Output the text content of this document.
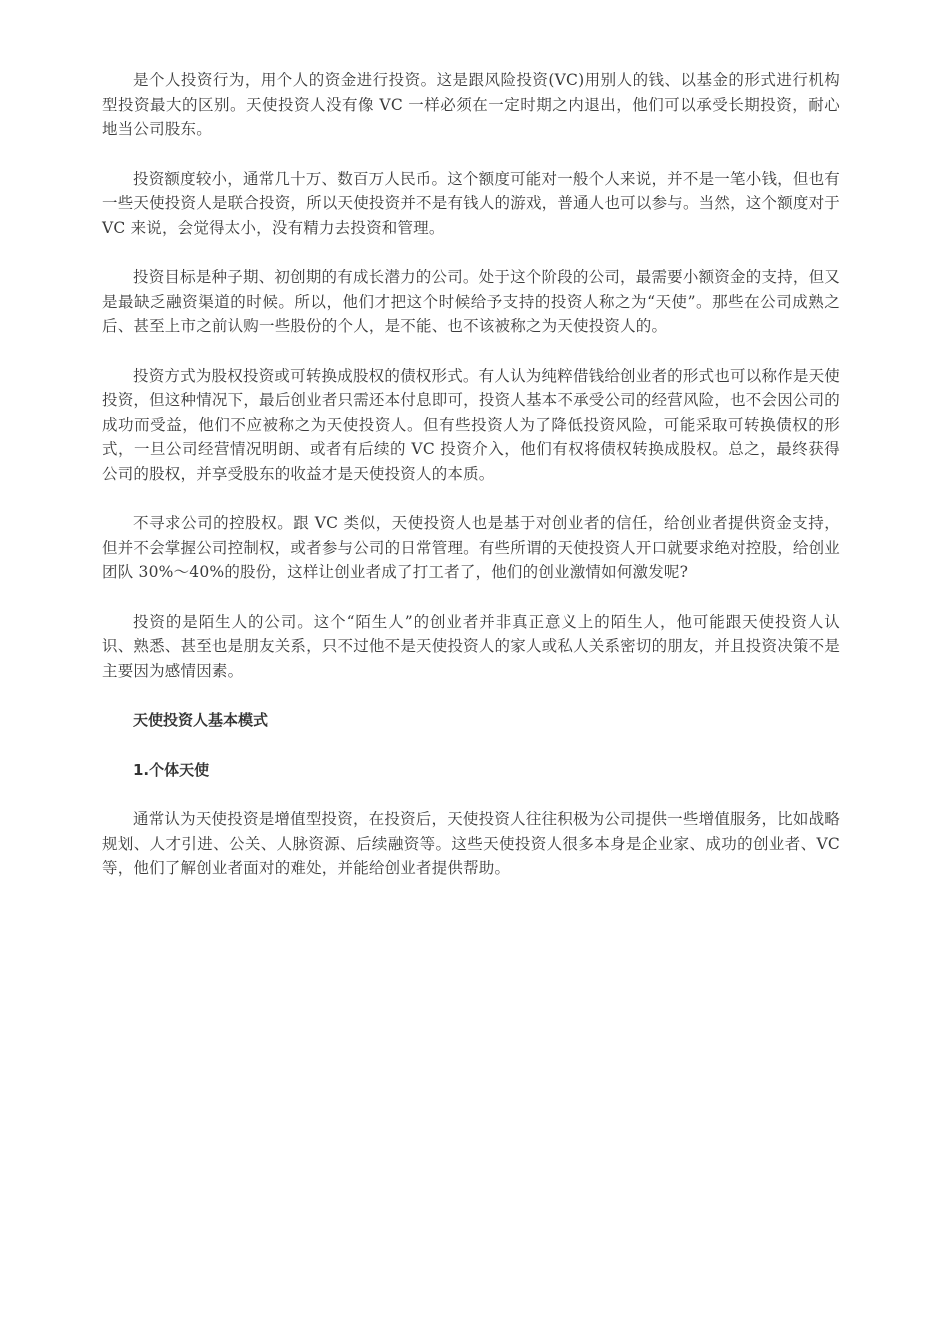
是个人投资行为，用个人的资金进行投资。这是跟风险投资(VC)用别人的钱、以基金的形式进行机构型投资最大的区别。天使投资人没有像 VC 一样必须在一定时期之内退出，他们可以承受长期投资，耐心地当公司股东。

投资额度较小，通常几十万、数百万人民币。这个额度可能对一般个人来说，并不是一笔小钱，但也有一些天使投资人是联合投资，所以天使投资并不是有钱人的游戏，普通人也可以参与。当然，这个额度对于 VC 来说，会觉得太小，没有精力去投资和管理。

投资目标是种子期、初创期的有成长潜力的公司。处于这个阶段的公司，最需要小额资金的支持，但又是最缺乏融资渠道的时候。所以，他们才把这个时候给予支持的投资人称之为“天使”。那些在公司成熟之后、甚至上市之前认购一些股份的个人，是不能、也不该被称之为天使投资人的。

投资方式为股权投资或可转换成股权的债权形式。有人认为纯粹借钱给创业者的形式也可以称作是天使投资，但这种情况下，最后创业者只需还本付息即可，投资人基本不承受公司的经营风险，也不会因公司的成功而受益，他们不应被称之为天使投资人。但有些投资人为了降低投资风险，可能采取可转换债权的形式，一旦公司经营情况明朗、或者有后续的 VC 投资介入，他们有权将债权转换成股权。总之，最终获得公司的股权，并享受股东的收益才是天使投资人的本质。

不寻求公司的控股权。跟 VC 类似，天使投资人也是基于对创业者的信任，给创业者提供资金支持，但并不会掌握公司控制权，或者参与公司的日常管理。有些所谓的天使投资人开口就要求绝对控股，给创业团队 30%～40%的股份，这样让创业者成了打工者了，他们的创业激情如何激发呢?

投资的是陌生人的公司。这个“陌生人”的创业者并非真正意义上的陌生人，他可能跟天使投资人认识、熟悉、甚至也是朋友关系，只不过他不是天使投资人的家人或私人关系密切的朋友，并且投资决策不是主要因为感情因素。

天使投资人基本模式

1.个体天使

通常认为天使投资是增值型投资，在投资后，天使投资人往往积极为公司提供一些增值服务，比如战略规划、人才引进、公关、人脉资源、后续融资等。这些天使投资人很多本身是企业家、成功的创业者、VC 等，他们了解创业者面对的难处，并能给创业者提供帮助。
